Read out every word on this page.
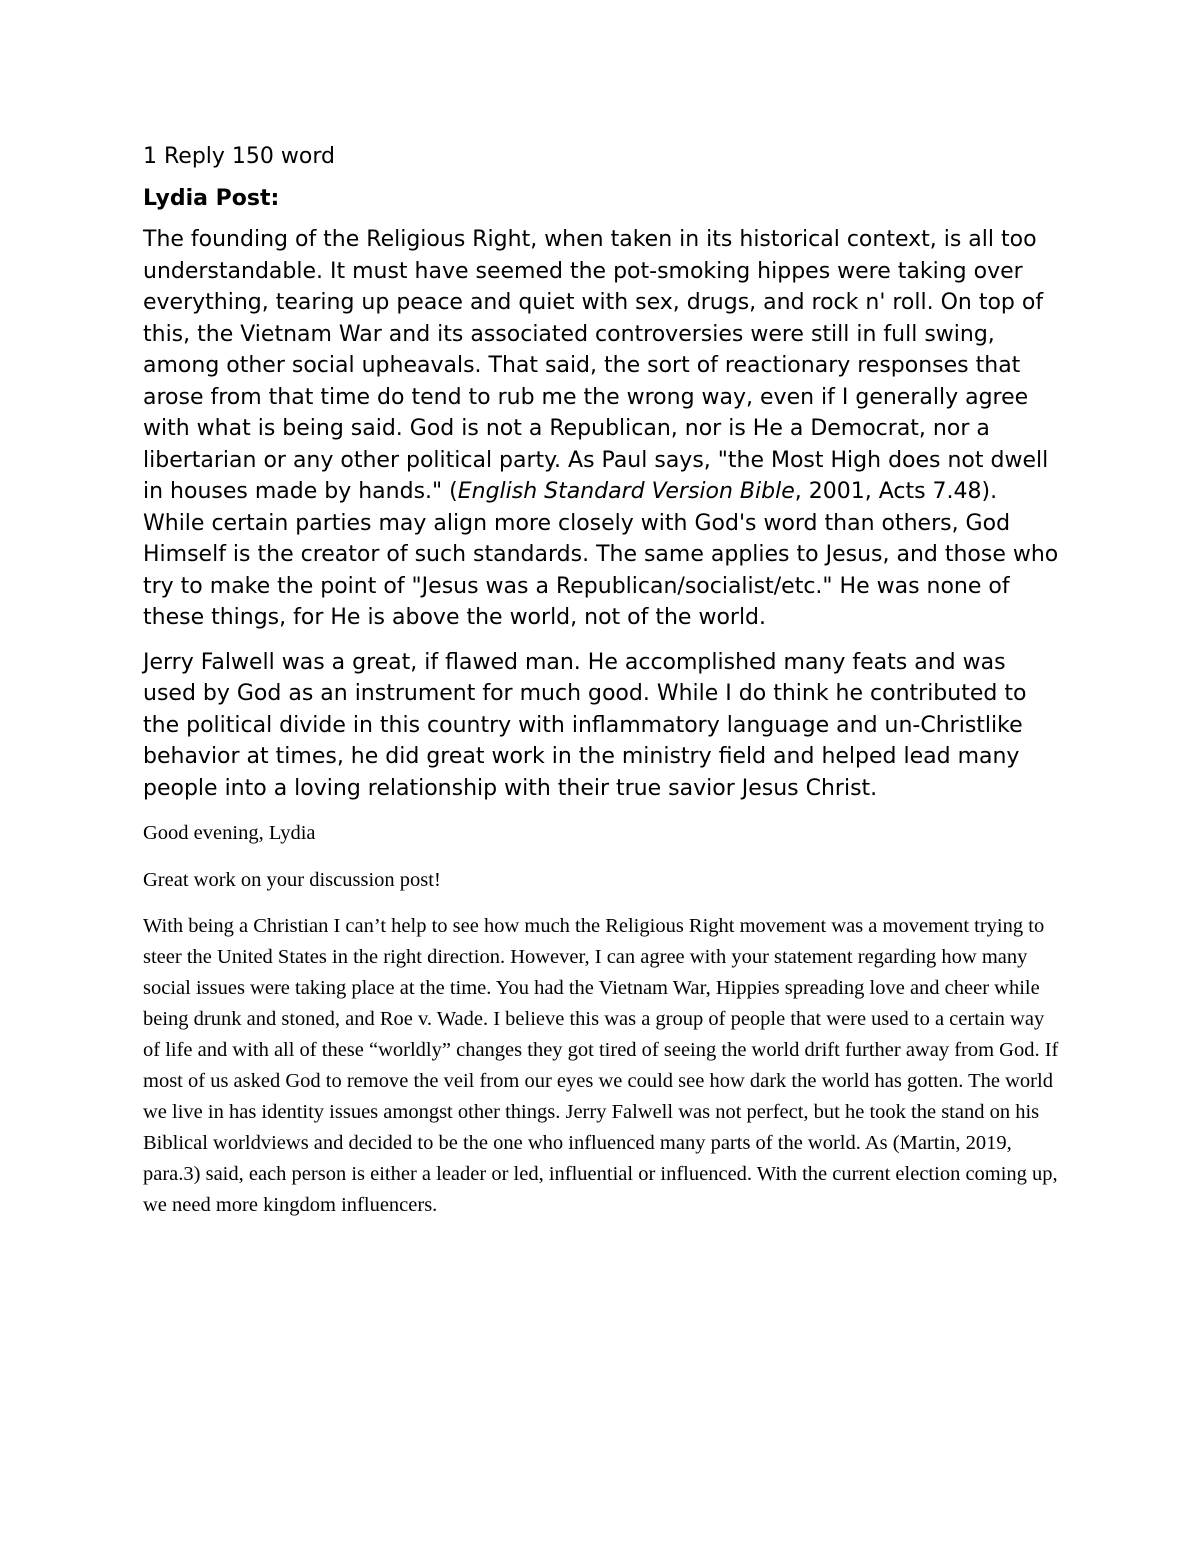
1 Reply 150 word

Lydia Post:

The founding of the Religious Right, when taken in its historical context, is all too understandable. It must have seemed the pot-smoking hippes were taking over everything, tearing up peace and quiet with sex, drugs, and rock n' roll. On top of this, the Vietnam War and its associated controversies were still in full swing, among other social upheavals. That said, the sort of reactionary responses that arose from that time do tend to rub me the wrong way, even if I generally agree with what is being said. God is not a Republican, nor is He a Democrat, nor a libertarian or any other political party. As Paul says, "the Most High does not dwell in houses made by hands." (English Standard Version Bible, 2001, Acts 7.48). While certain parties may align more closely with God's word than others, God Himself is the creator of such standards. The same applies to Jesus, and those who try to make the point of "Jesus was a Republican/socialist/etc." He was none of these things, for He is above the world, not of the world.

Jerry Falwell was a great, if flawed man. He accomplished many feats and was used by God as an instrument for much good. While I do think he contributed to the political divide in this country with inflammatory language and un-Christlike behavior at times, he did great work in the ministry field and helped lead many people into a loving relationship with their true savior Jesus Christ.

Good evening, Lydia

Great work on your discussion post!

With being a Christian I can’t help to see how much the Religious Right movement was a movement trying to steer the United States in the right direction. However, I can agree with your statement regarding how many social issues were taking place at the time. You had the Vietnam War, Hippies spreading love and cheer while being drunk and stoned, and Roe v. Wade. I believe this was a group of people that were used to a certain way of life and with all of these “worldly” changes they got tired of seeing the world drift further away from God. If most of us asked God to remove the veil from our eyes we could see how dark the world has gotten. The world we live in has identity issues amongst other things. Jerry Falwell was not perfect, but he took the stand on his Biblical worldviews and decided to be the one who influenced many parts of the world. As (Martin, 2019, para.3) said, each person is either a leader or led, influential or influenced. With the current election coming up, we need more kingdom influencers.
